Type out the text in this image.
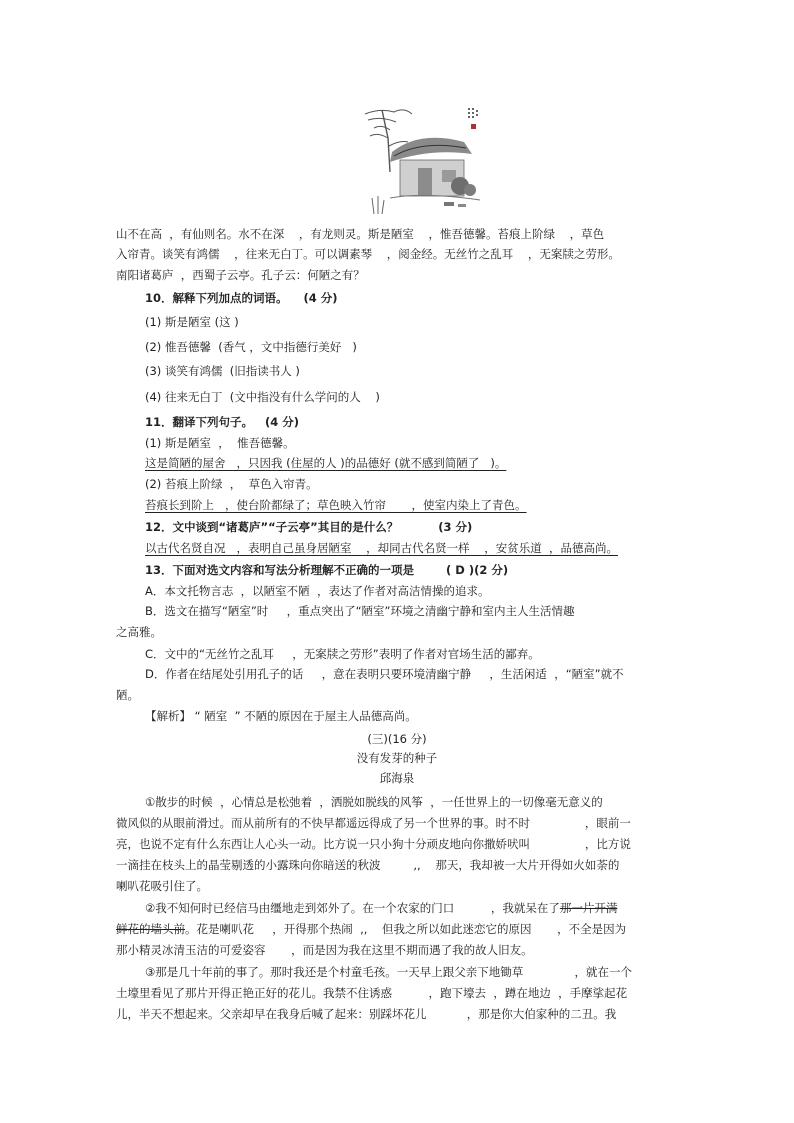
山不在高  ，有仙则名。水不在深    ，有龙则灵。斯是陋室    ，惟吾德馨。苔痕上阶绿    ，草色
入帘青。谈笑有鸿儒    ，往来无白丁。可以调素琴    ，阅金经。无丝竹之乱耳    ，无案牍之劳形。
南阳诸葛庐  ，西蜀子云亭。孔子云：何陋之有？
10．解释下列加点的词语。    (4 分)
(1) 斯是陋室 (这 )
(2) 惟吾德馨  (香气 ，文中指德行美好   )
(3) 谈笑有鸿儒  (旧指读书人 )
(4) 往来无白丁  (文中指没有什么学问的人    )
11．翻译下列句子。   (4 分)
(1) 斯是陋室  ，  惟吾德馨。
这是简陋的屋舍   ，只因我 (住屋的人 )的品德好 (就不感到简陋了   )。
(2) 苔痕上阶绿  ，  草色入帘青。
苔痕长到阶上   ，使台阶都绿了；草色映入竹帘       ，使室内染上了青色。
12．文中谈到“诸葛庐”“子云亭”其目的是什么？          (3 分)
以古代名贤自况   ，表明自己虽身居陋室    ，却同古代名贤一样    ，安贫乐道  ，品德高尚。
13．下面对选文内容和写法分析理解不正确的一项是        ( D )(2 分)
A．本文托物言志  ，以陋室不陋  ，表达了作者对高洁情操的追求。
B．选文在描写“陋室”时     ，重点突出了“陋室”环境之清幽宁静和室内主人生活情趣
之高雅。
C．文中的“无丝竹之乱耳     ，无案牍之劳形”表明了作者对官场生活的鄙弃。
D．作者在结尾处引用孔子的话     ，意在表明只要环境清幽宁静     ，生活闲适  ，“陋室”就不
陋。
【解析】 “ 陋室  ” 不陋的原因在于屋主人品德高尚。
(三)(16 分)
没有发芽的种子
邱海泉
①散步的时候  ，心情总是松弛着  ，洒脱如脱线的风筝  ，一任世界上的一切像毫无意义的
微风似的从眼前滑过。而从前所有的不快早都遥远得成了另一个世界的事。时不时               ，眼前一
亮，也说不定有什么东西让人心头一动。比方说一只小狗十分顽皮地向你撒娇吠叫               ，比方说
一滴挂在枝头上的晶莹剔透的小露珠向你暗送的秋波         ,,    那天，我却被一大片开得如火如荼的
喇叭花吸引住了。
②我不知何时已经信马由缰地走到郊外了。在一个农家的门口          ，我就呆在了那一片开满
鲜花的墙头前。花是喇叭花     ，开得那个热闹  ,,    但我之所以如此迷恋它的原因       ，不全是因为
那小精灵冰清玉洁的可爱姿容       ，而是因为我在这里不期而遇了我的故人旧友。
③那是几十年前的事了。那时我还是个村童毛孩。一天早上跟父亲下地锄草              ，就在一个
土壕里看见了那片开得正艳正好的花儿。我禁不住诱惑          ，跑下壕去  ，蹲在地边  ，手摩挲起花
儿，半天不想起来。父亲却早在我身后喊了起来：别踩坏花儿           ，那是你大伯家种的二丑。我
